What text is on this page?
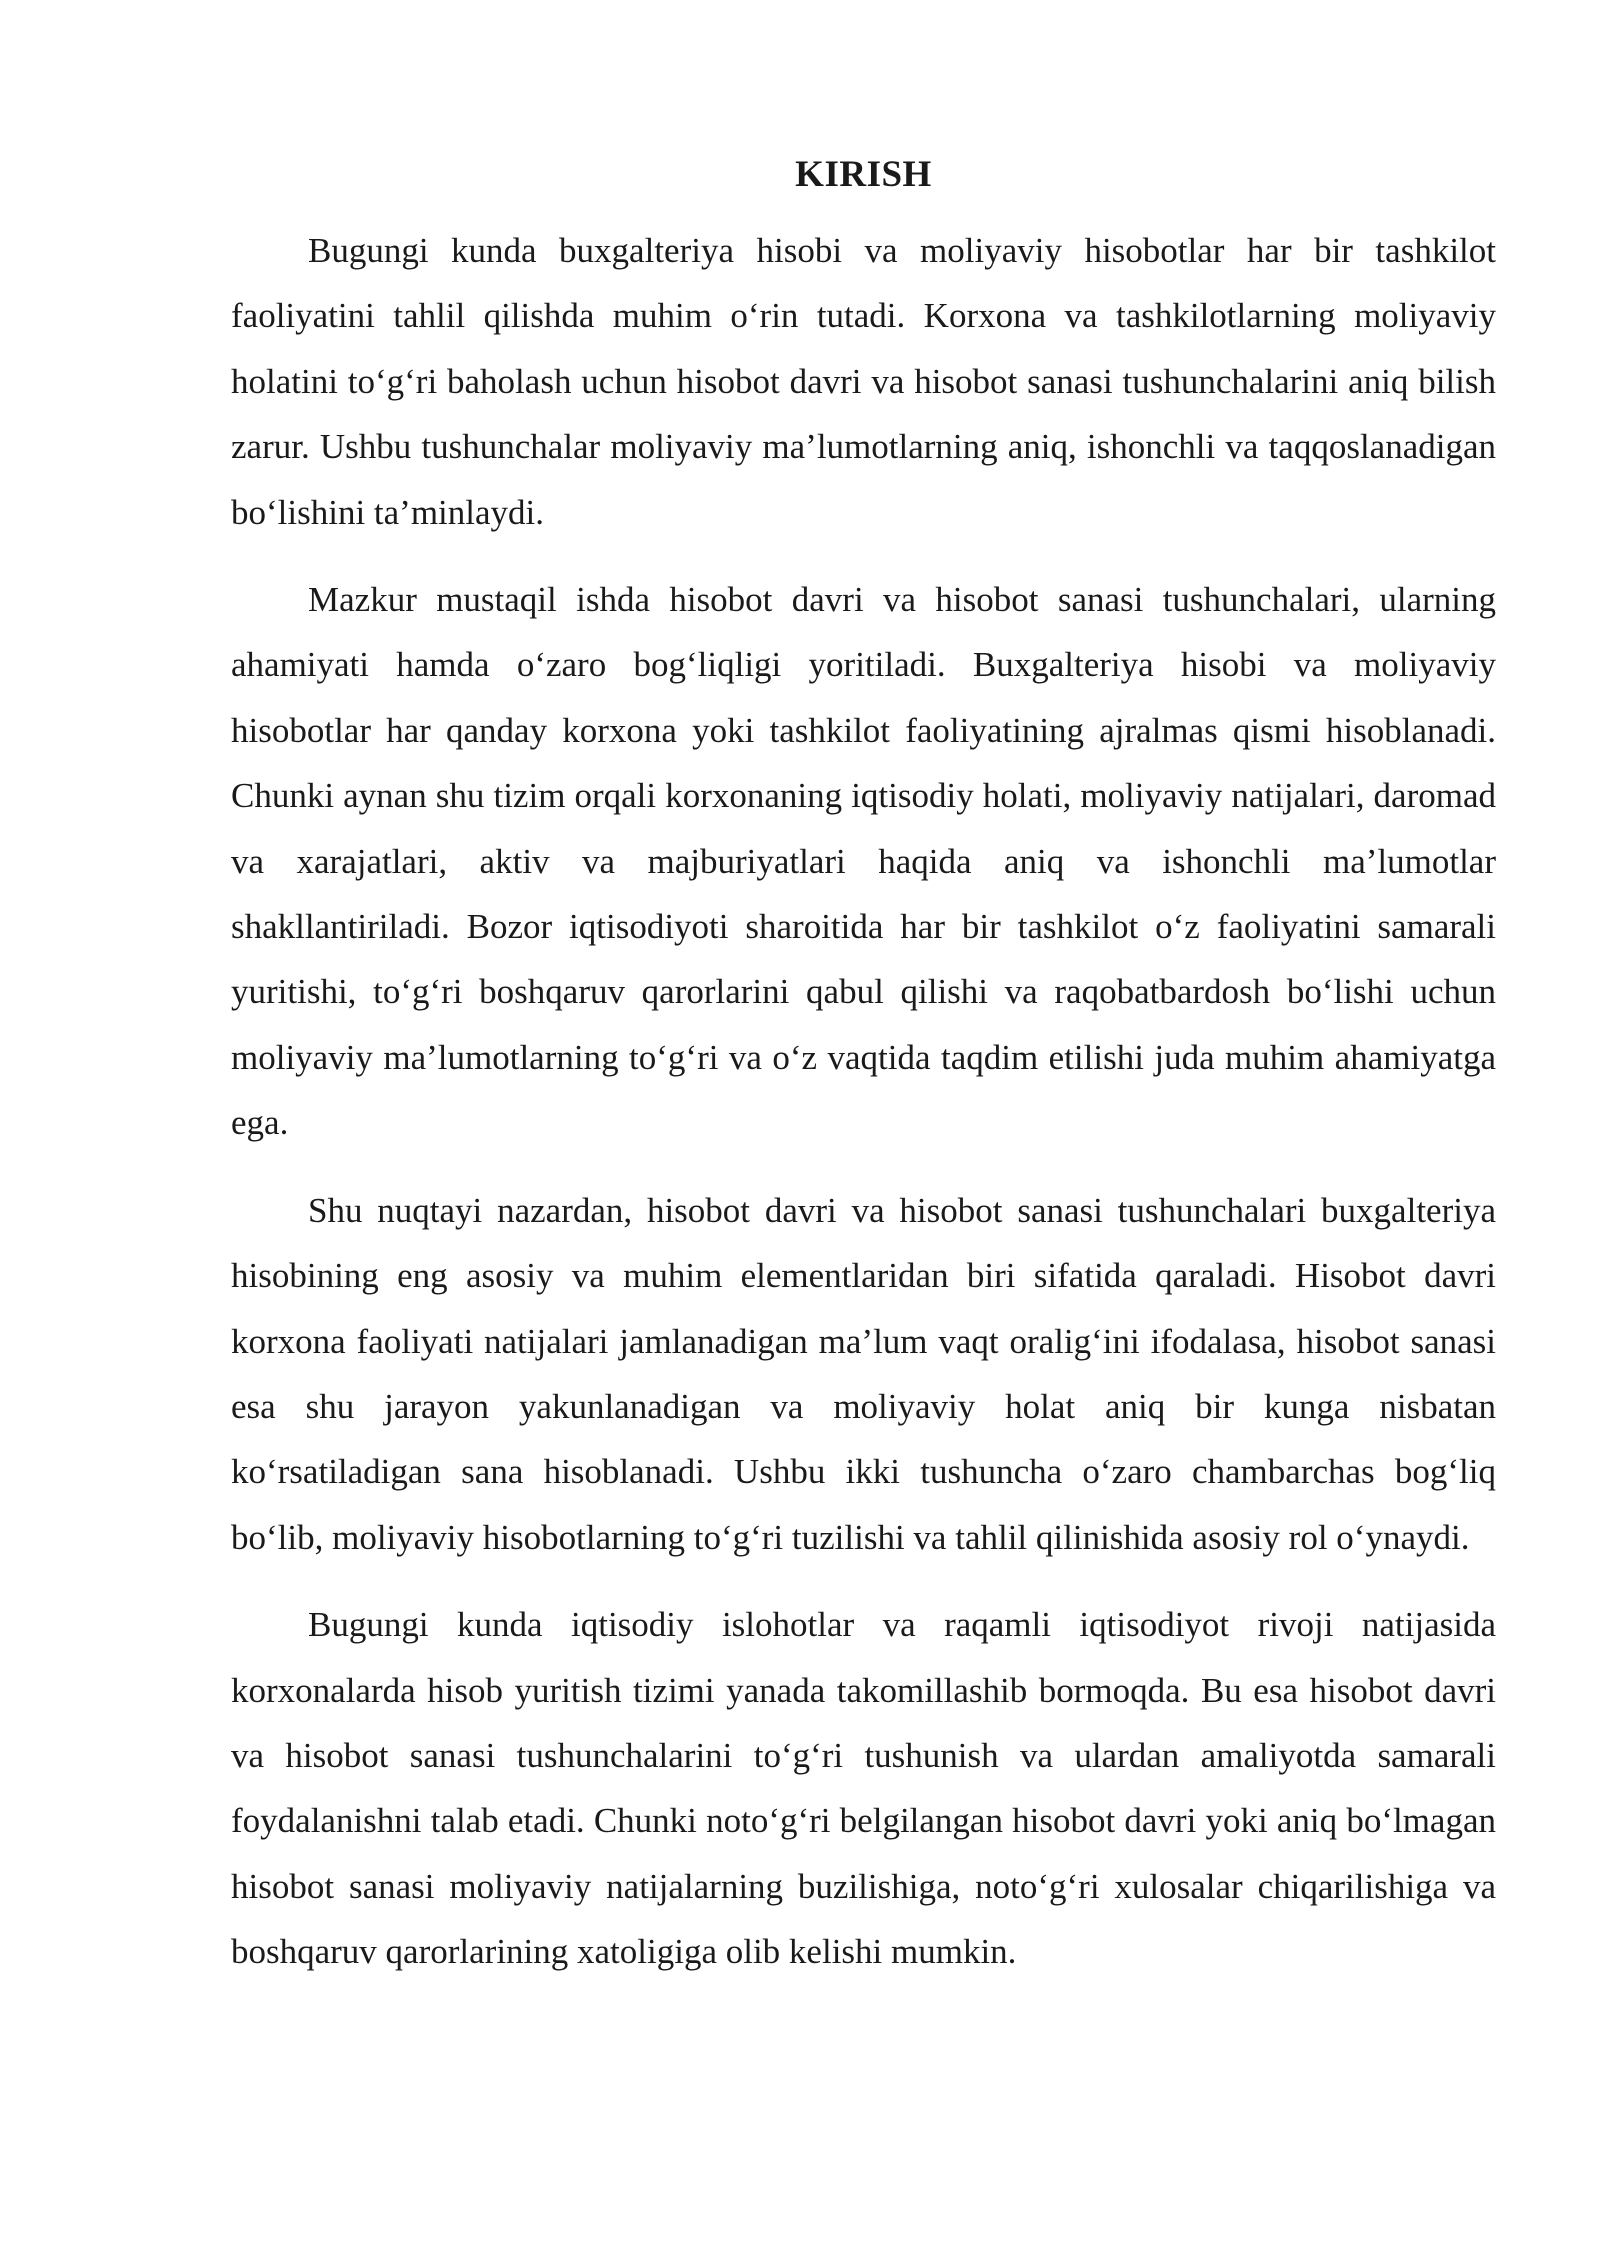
KIRISH

Bugungi kunda buxgalteriya hisobi va moliyaviy hisobotlar har bir tashkilot faoliyatini tahlil qilishda muhim o‘rin tutadi. Korxona va tashkilotlarning moliyaviy holatini to‘g‘ri baholash uchun hisobot davri va hisobot sanasi tushunchalarini aniq bilish zarur. Ushbu tushunchalar moliyaviy ma’lumotlarning aniq, ishonchli va taqqoslanadigan bo‘lishini ta’minlaydi.

Mazkur mustaqil ishda hisobot davri va hisobot sanasi tushunchalari, ularning ahamiyati hamda o‘zaro bog‘liqligi yoritiladi. Buxgalteriya hisobi va moliyaviy hisobotlar har qanday korxona yoki tashkilot faoliyatining ajralmas qismi hisoblanadi. Chunki aynan shu tizim orqali korxonaning iqtisodiy holati, moliyaviy natijalari, daromad va xarajatlari, aktiv va majburiyatlari haqida aniq va ishonchli ma’lumotlar shakllantiriladi. Bozor iqtisodiyoti sharoitida har bir tashkilot o‘z faoliyatini samarali yuritishi, to‘g‘ri boshqaruv qarorlarini qabul qilishi va raqobatbardosh bo‘lishi uchun moliyaviy ma’lumotlarning to‘g‘ri va o‘z vaqtida taqdim etilishi juda muhim ahamiyatga ega.

Shu nuqtayi nazardan, hisobot davri va hisobot sanasi tushunchalari buxgalteriya hisobining eng asosiy va muhim elementlaridan biri sifatida qaraladi. Hisobot davri korxona faoliyati natijalari jamlanadigan ma’lum vaqt oralig‘ini ifodalasa, hisobot sanasi esa shu jarayon yakunlanadigan va moliyaviy holat aniq bir kunga nisbatan ko‘rsatiladigan sana hisoblanadi. Ushbu ikki tushuncha o‘zaro chambarchas bog‘liq bo‘lib, moliyaviy hisobotlarning to‘g‘ri tuzilishi va tahlil qilinishida asosiy rol o‘ynaydi.

Bugungi kunda iqtisodiy islohotlar va raqamli iqtisodiyot rivoji natijasida korxonalarda hisob yuritish tizimi yanada takomillashib bormoqda. Bu esa hisobot davri va hisobot sanasi tushunchalarini to‘g‘ri tushunish va ulardan amaliyotda samarali foydalanishni talab etadi. Chunki noto‘g‘ri belgilangan hisobot davri yoki aniq bo‘lmagan hisobot sanasi moliyaviy natijalarning buzilishiga, noto‘g‘ri xulosalar chiqarilishiga va boshqaruv qarorlarining xatoligiga olib kelishi mumkin.
